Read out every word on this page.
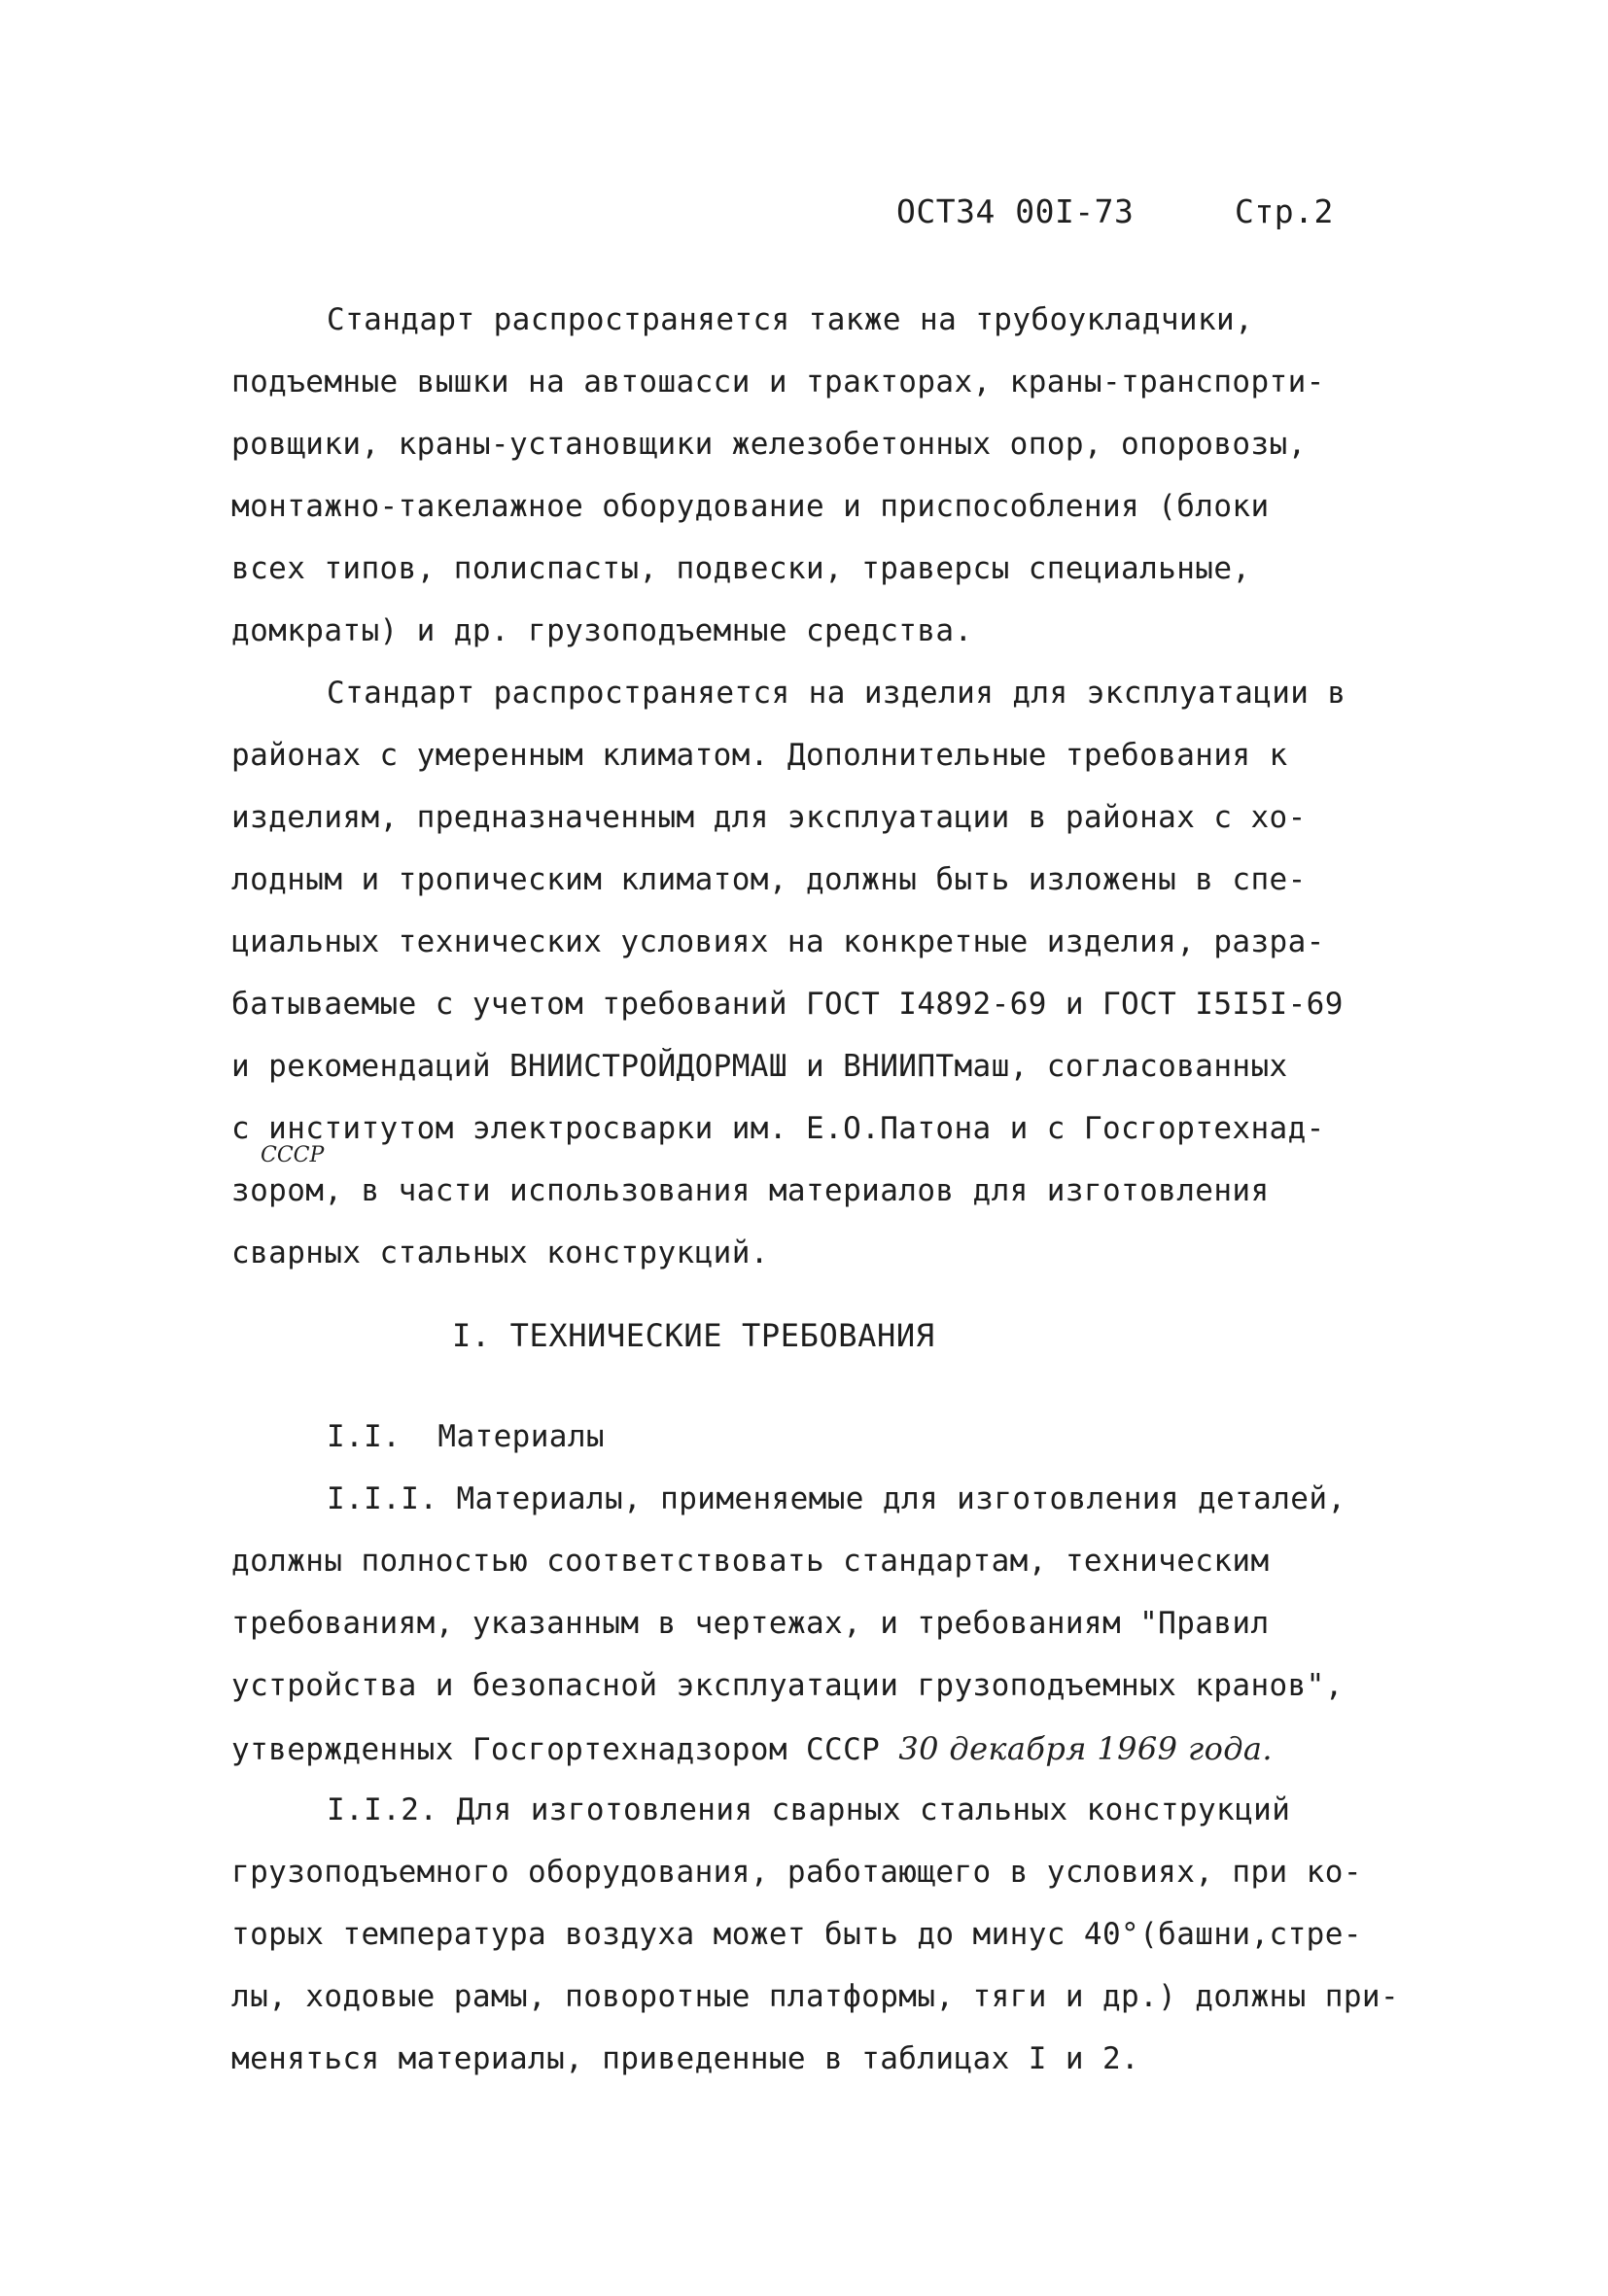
ОСТ34 00I-73	Стр.2
Стандарт распространяется также на трубоукладчики,
подъемные вышки на автошасси и тракторах, краны-транспорти-
ровщики, краны-установщики железобетонных опор, опоровозы,
монтажно-такелажное оборудование и приспособления (блоки
всех типов, полиспасты, подвески, траверсы специальные,
домкраты) и др. грузоподъемные средства.
Стандарт распространяется на изделия для эксплуатации в
районах с умеренным климатом. Дополнительные требования к
изделиям, предназначенным для эксплуатации в районах с хо-
лодным и тропическим климатом, должны быть изложены в спе-
циальных технических условиях на конкретные изделия, разра-
батываемые с учетом требований ГОСТ I4892-69 и ГОСТ I5I5I-69
и рекомендаций ВНИИСТРОЙДОРМАШ и ВНИИПТмаш, согласованных
с институтом электросварки им. Е.О.Патона и с Госгортехнад-
СССР
зором, в части использования материалов для изготовления
сварных стальных конструкций.
I. ТЕХНИЧЕСКИЕ ТРЕБОВАНИЯ
I.I.  Материалы
I.I.I. Материалы, применяемые для изготовления деталей,
должны полностью соответствовать стандартам, техническим
требованиям, указанным в чертежах, и требованиям "Правил
устройства и безопасной эксплуатации грузоподъемных кранов",
утвержденных Госгортехнадзором СССР 30 декабря 1969 года.
I.I.2. Для изготовления сварных стальных конструкций
грузоподъемного оборудования, работающего в условиях, при ко-
торых температура воздуха может быть до минус 40°(башни,стре-
лы, ходовые рамы, поворотные платформы, тяги и др.) должны при-
меняться материалы, приведенные в таблицах I и 2.
